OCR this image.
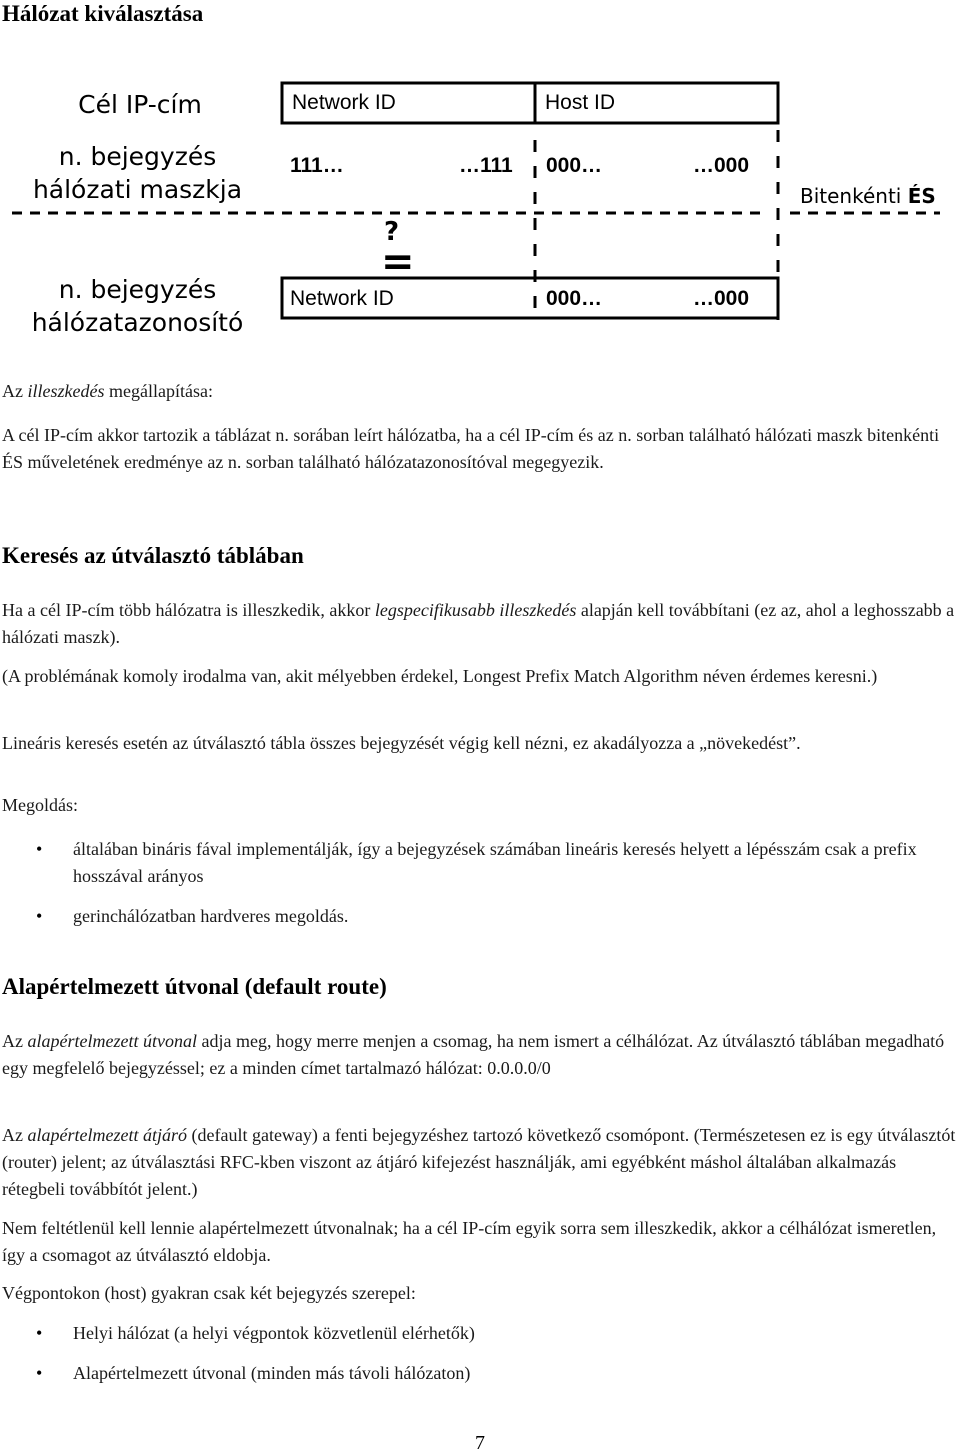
Hálózat kiválasztása
Cél IP-cím
n. bejegyzés
hálózati maszkja
n. bejegyzés
hálózatazonosító
Network ID	Host ID
111…	…111 000…	…000
Bitenkénti ÉS
?
=
Network ID	000…	…000

Az illeszkedés megállapítása:

A cél IP-cím akkor tartozik a táblázat n. sorában leírt hálózatba, ha a cél IP-cím és az n. sorban található hálózati maszk bitenkénti ÉS műveletének eredménye az n. sorban található hálózatazonosítóval megegyezik.

Keresés az útválasztó táblában

Ha a cél IP-cím több hálózatra is illeszkedik, akkor legspecifikusabb illeszkedés alapján kell továbbítani (ez az, ahol a leghosszabb a hálózati maszk).

(A problémának komoly irodalma van, akit mélyebben érdekel, Longest Prefix Match Algorithm néven érdemes keresni.)

Lineáris keresés esetén az útválasztó tábla összes bejegyzését végig kell nézni, ez akadályozza a „növekedést”.

Megoldás:

• általában bináris fával implementálják, így a bejegyzések számában lineáris keresés helyett a lépésszám csak a prefix hosszával arányos
• gerinchálózatban hardveres megoldás.
Alapértelmezett útvonal (default route)

Az alapértelmezett útvonal adja meg, hogy merre menjen a csomag, ha nem ismert a célhálózat. Az útválasztó táblában megadható egy megfelelő bejegyzéssel; ez a minden címet tartalmazó hálózat: 0.0.0.0/0

Az alapértelmezett átjáró (default gateway) a fenti bejegyzéshez tartozó következő csomópont. (Természetesen ez is egy útválasztót (router) jelent; az útválasztási RFC-kben viszont az átjáró kifejezést használják, ami egyébként máshol általában alkalmazás rétegbeli továbbítót jelent.)

Nem feltétlenül kell lennie alapértelmezett útvonalnak; ha a cél IP-cím egyik sorra sem illeszkedik, akkor a célhálózat ismeretlen, így a csomagot az útválasztó eldobja.

Végpontokon (host) gyakran csak két bejegyzés szerepel:

• Helyi hálózat (a helyi végpontok közvetlenül elérhetők)
• Alapértelmezett útvonal (minden más távoli hálózaton)
7
